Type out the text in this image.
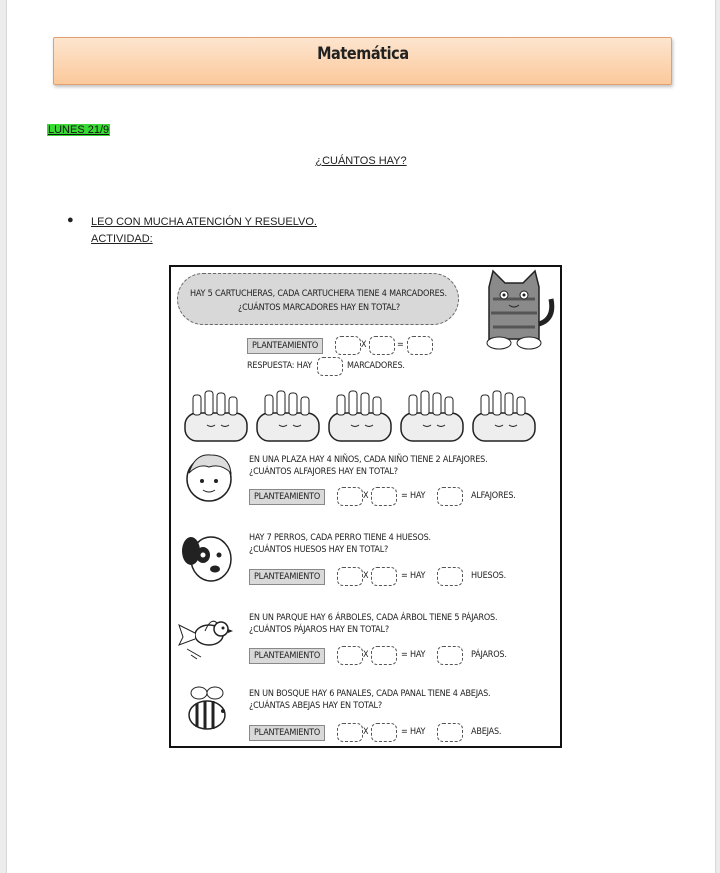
Matemática
LUNES 21/9
¿CUÁNTOS HAY?
● LEO CON MUCHA ATENCIÓN Y RESUELVO.
ACTIVIDAD:
HAY 5 CARTUCHERAS, CADA CARTUCHERA TIENE 4 MARCADORES.
¿CUÁNTOS MARCADORES HAY EN TOTAL?
PLANTEAMIENTO	X	=
RESPUESTA: HAY	MARCADORES.
EN UNA PLAZA HAY 4 NIÑOS, CADA NIÑO TIENE 2 ALFAJORES.
¿CUÁNTOS ALFAJORES HAY EN TOTAL?
PLANTEAMIENTO	X	= HAY	ALFAJORES.
HAY 7 PERROS, CADA PERRO TIENE 4 HUESOS.
¿CUÁNTOS HUESOS HAY EN TOTAL?
PLANTEAMIENTO	X	= HAY	HUESOS.
EN UN PARQUE HAY 6 ÁRBOLES, CADA ÁRBOL TIENE 5 PÁJAROS.
¿CUÁNTOS PÁJAROS HAY EN TOTAL?
PLANTEAMIENTO	X	= HAY	PÁJAROS.
EN UN BOSQUE HAY 6 PANALES, CADA PANAL TIENE 4 ABEJAS.
¿CUÁNTAS ABEJAS HAY EN TOTAL?
PLANTEAMIENTO	X	= HAY	ABEJAS.
